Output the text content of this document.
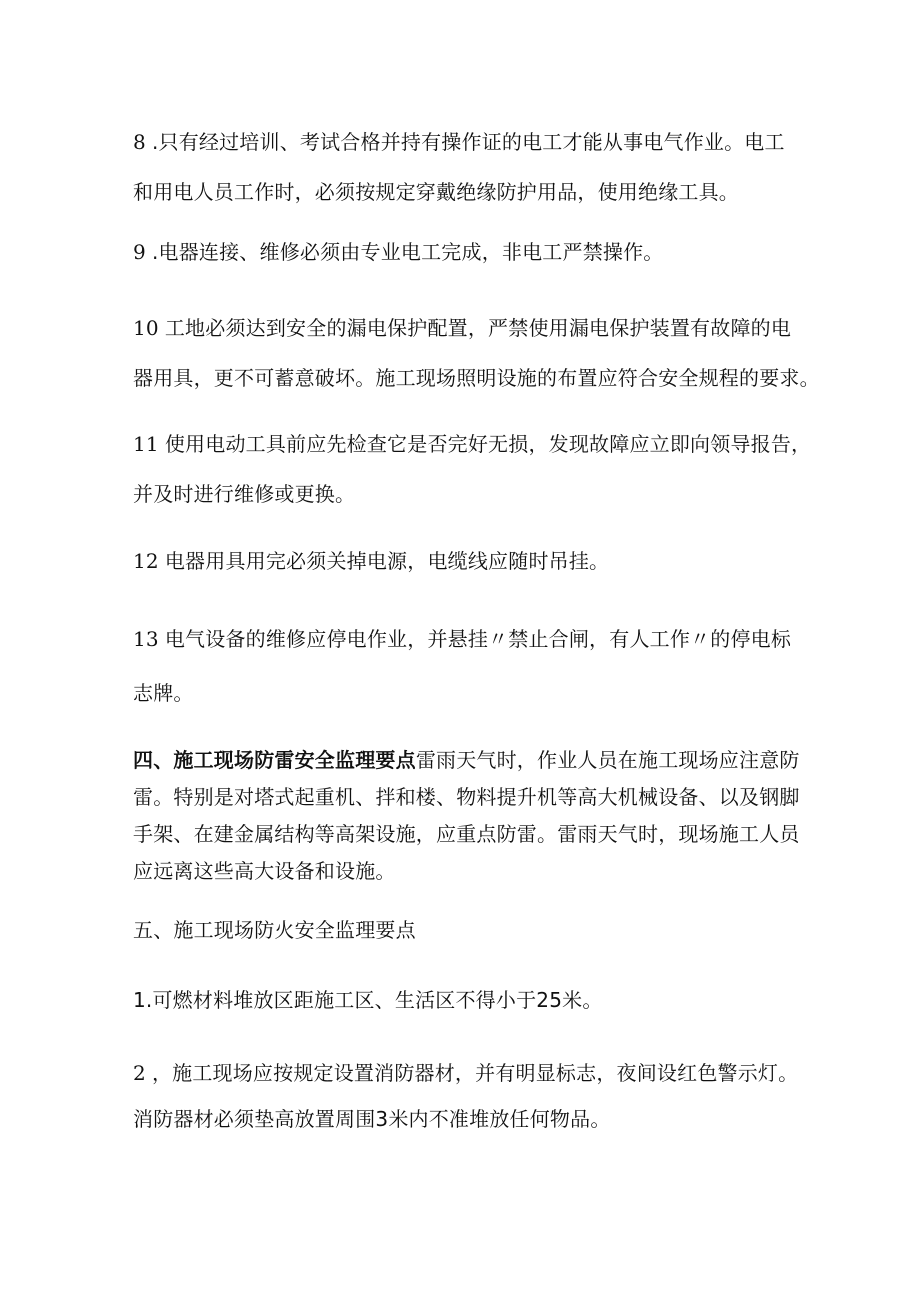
8 .只有经过培训、考试合格并持有操作证的电工才能从事电气作业。电工
和用电人员工作时，必须按规定穿戴绝缘防护用品，使用绝缘工具。
9 .电器连接、维修必须由专业电工完成，非电工严禁操作。
10 工地必须达到安全的漏电保护配置，严禁使用漏电保护装置有故障的电
器用具，更不可蓄意破坏。施工现场照明设施的布置应符合安全规程的要求。
11 使用电动工具前应先检查它是否完好无损，发现故障应立即向领导报告，
并及时进行维修或更换。
12 电器用具用完必须关掉电源，电缆线应随时吊挂。
13 电气设备的维修应停电作业，并悬挂〃禁止合闸，有人工作〃的停电标
志牌。
四、施工现场防雷安全监理要点雷雨天气时，作业人员在施工现场应注意防
雷。特别是对塔式起重机、拌和楼、物料提升机等高大机械设备、以及钢脚
手架、在建金属结构等高架设施，应重点防雷。雷雨天气时，现场施工人员
应远离这些高大设备和设施。
五、施工现场防火安全监理要点
1.可燃材料堆放区距施工区、生活区不得小于25米。
2 ，施工现场应按规定设置消防器材，并有明显标志，夜间设红色警示灯。
消防器材必须垫高放置周围3米内不准堆放任何物品。
